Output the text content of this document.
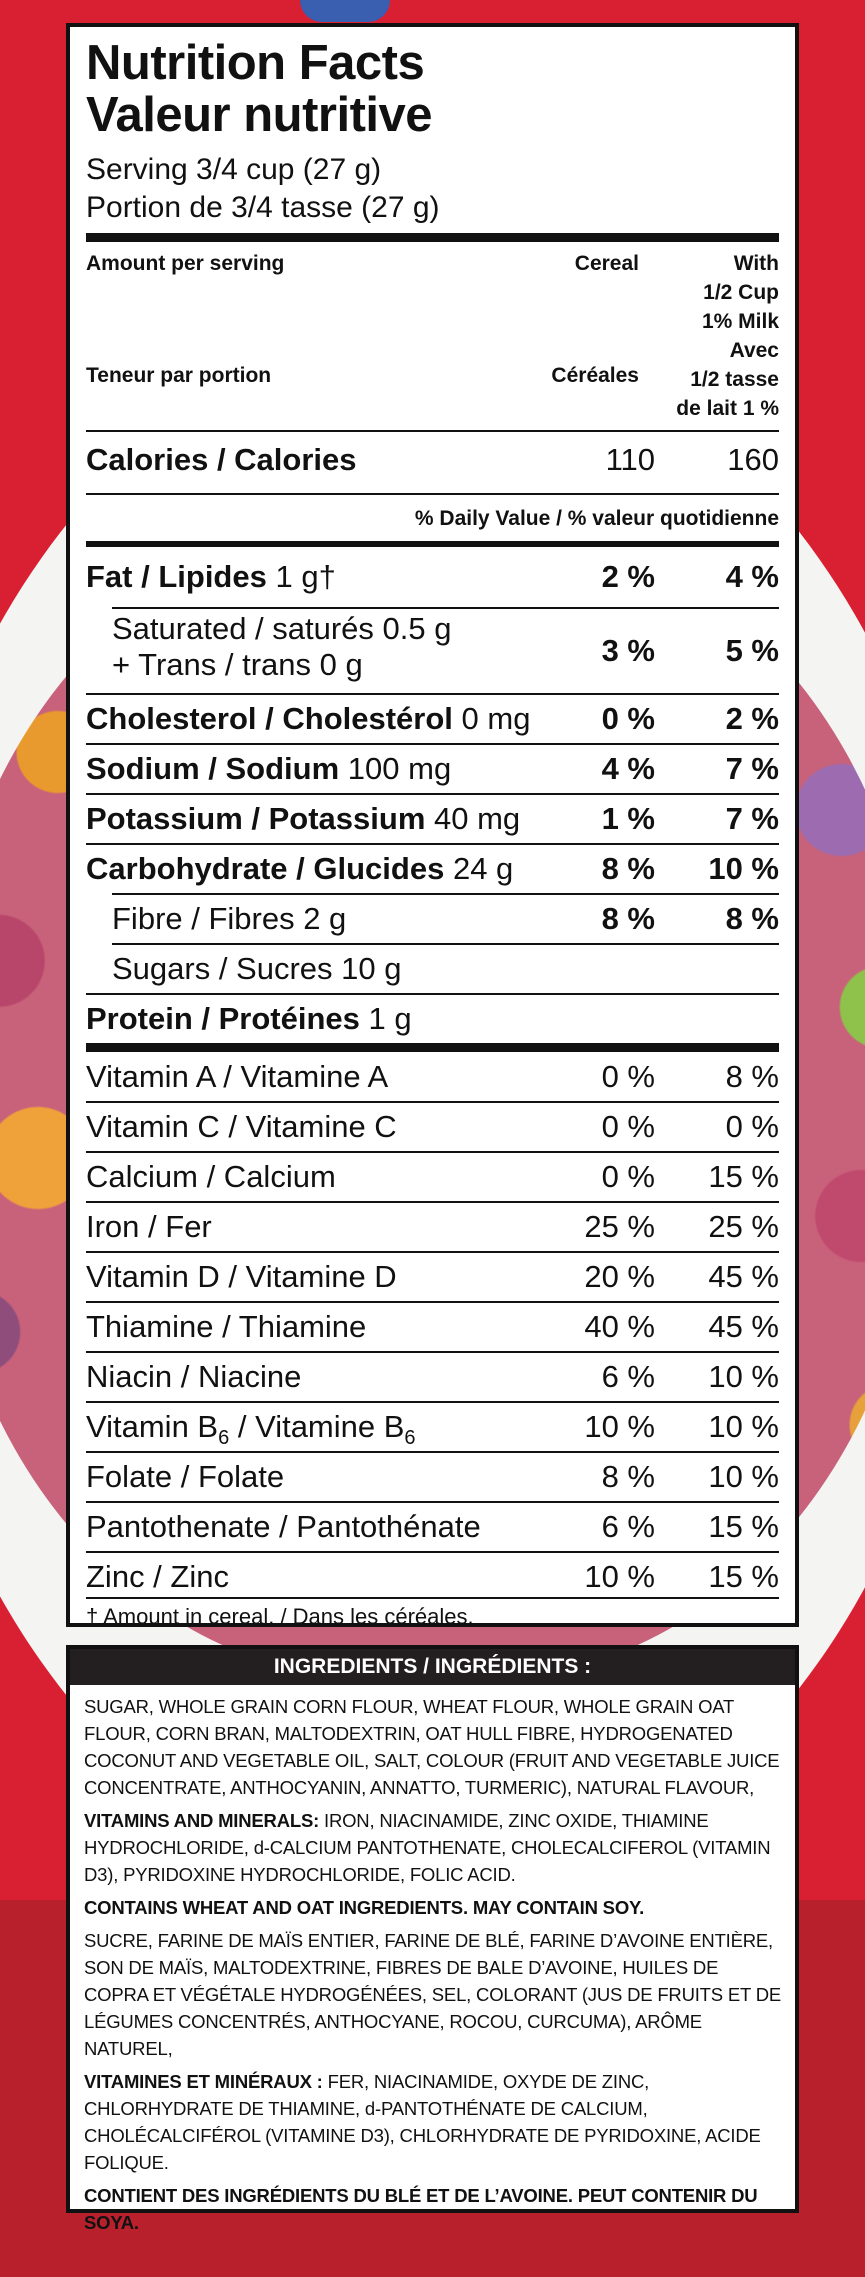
Nutrition Facts
Valeur nutritive
Serving 3/4 cup (27 g)
Portion de 3/4 tasse (27 g)
Amount per serving
Teneur par portion
Cereal
Céréales
With
1/2 Cup
1% Milk
Avec
1/2 tasse
de lait 1 %
Calories / Calories	110 160
% Daily Value / % valeur quotidienne
Fat / Lipides 1 g†	2 % 4 %
Saturated / saturés 0.5 g
+ Trans / trans 0 g	3 % 5 %
Cholesterol / Cholestérol 0 mg 0 % 2 %
Sodium / Sodium 100 mg	4 % 7 %
Potassium / Potassium 40 mg	1 % 7 %
Carbohydrate / Glucides 24 g	8 % 10 %
Fibre / Fibres 2 g	8 % 8 %
Sugars / Sucres 10 g
Protein / Protéines 1 g
Vitamin A / Vitamine A	0 % 8 %
Vitamin C / Vitamine C	0 % 0 %
Calcium / Calcium	0 % 15 %
Iron / Fer	25 % 25 %
Vitamin D / Vitamine D	20 % 45 %
Thiamine / Thiamine	40 % 45 %
Niacin / Niacine	6 % 10 %
Vitamin $B_6$ / Vitamine $B_6$	10 % 10 %
Folate / Folate	8 % 10 %
Pantothenate / Pantothénate	6 % 15 %
Zinc / Zinc	10 % 15 %
† Amount in cereal. / Dans les céréales.
INGREDIENTS / INGRÉDIENTS :

SUGAR, WHOLE GRAIN CORN FLOUR, WHEAT FLOUR, WHOLE GRAIN OAT FLOUR, CORN BRAN, MALTODEXTRIN, OAT HULL FIBRE, HYDROGENATED COCONUT AND VEGETABLE OIL, SALT, COLOUR (FRUIT AND VEGETABLE JUICE CONCENTRATE, ANTHOCYANIN, ANNATTO, TURMERIC), NATURAL FLAVOUR,

VITAMINS AND MINERALS: IRON, NIACINAMIDE, ZINC OXIDE, THIAMINE HYDROCHLORIDE, d-CALCIUM PANTOTHENATE, CHOLECALCIFEROL (VITAMIN D3), PYRIDOXINE HYDROCHLORIDE, FOLIC ACID.

CONTAINS WHEAT AND OAT INGREDIENTS. MAY CONTAIN SOY.

SUCRE, FARINE DE MAÏS ENTIER, FARINE DE BLÉ, FARINE D’AVOINE ENTIÈRE, SON DE MAÏS, MALTODEXTRINE, FIBRES DE BALE D’AVOINE, HUILES DE COPRA ET VÉGÉTALE HYDROGÉNÉES, SEL, COLORANT (JUS DE FRUITS ET DE LÉGUMES CONCENTRÉS, ANTHOCYANE, ROCOU, CURCUMA), ARÔME NATUREL,

VITAMINES ET MINÉRAUX : FER, NIACINAMIDE, OXYDE DE ZINC, CHLORHYDRATE DE THIAMINE, d-PANTOTHÉNATE DE CALCIUM, CHOLÉCALCIFÉROL (VITAMINE D3), CHLORHYDRATE DE PYRIDOXINE, ACIDE FOLIQUE.

CONTIENT DES INGRÉDIENTS DU BLÉ ET DE L’AVOINE. PEUT CONTENIR DU SOYA.
